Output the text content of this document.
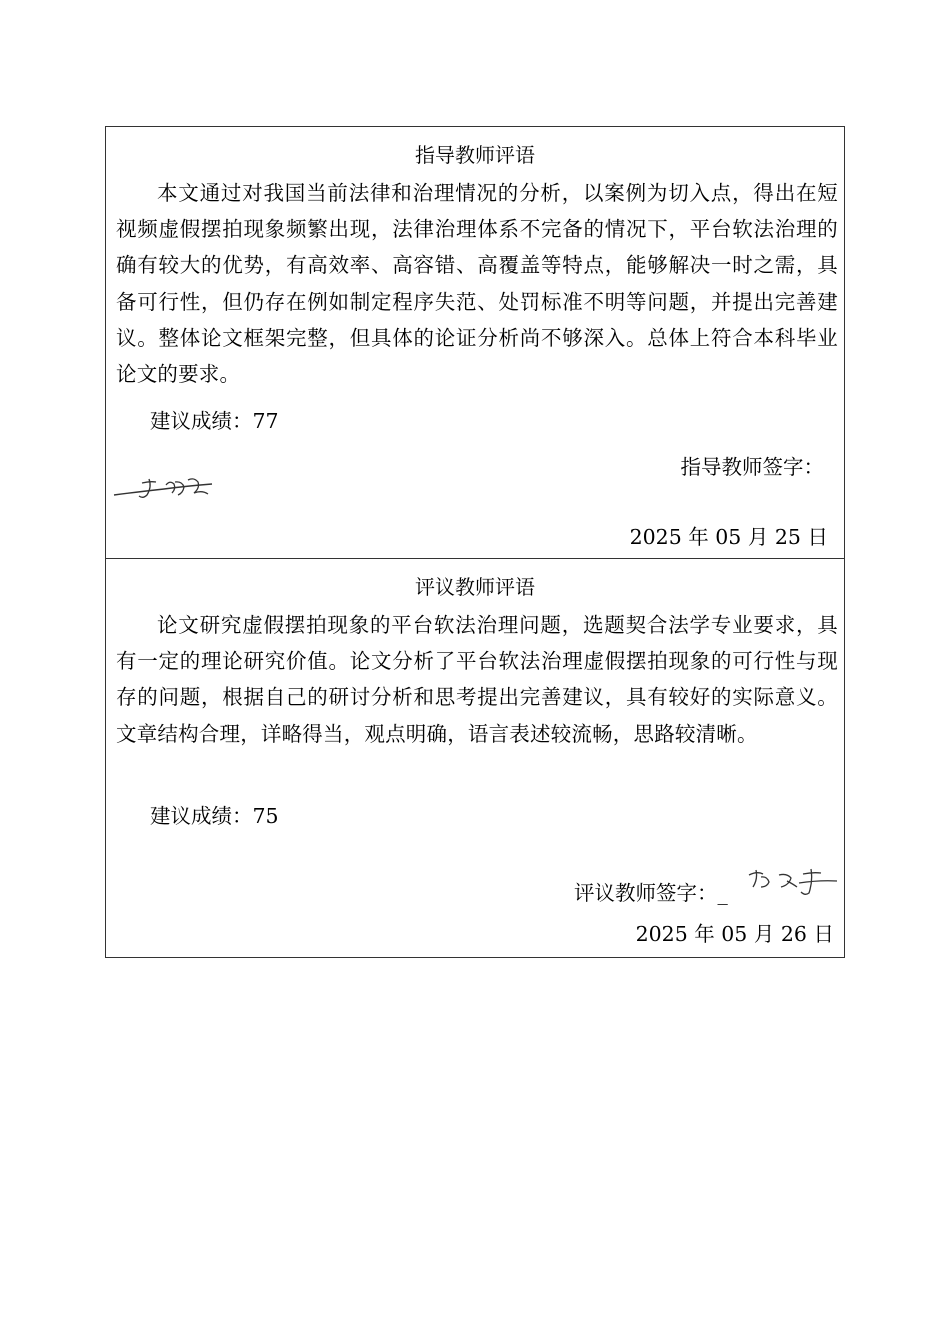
指导教师评语

本文通过对我国当前法律和治理情况的分析，以案例为切入点，得出在短视频虚假摆拍现象频繁出现，法律治理体系不完备的情况下，平台软法治理的确有较大的优势，有高效率、高容错、高覆盖等特点，能够解决一时之需，具备可行性，但仍存在例如制定程序失范、处罚标准不明等问题，并提出完善建议。整体论文框架完整，但具体的论证分析尚不够深入。总体上符合本科毕业论文的要求。

建议成绩：77
指导教师签字：
2025 年 05 月 25 日
评议教师评语

论文研究虚假摆拍现象的平台软法治理问题，选题契合法学专业要求，具有一定的理论研究价值。论文分析了平台软法治理虚假摆拍现象的可行性与现存的问题，根据自己的研讨分析和思考提出完善建议，具有较好的实际意义。文章结构合理，详略得当，观点明确，语言表述较流畅，思路较清晰。

建议成绩：75
评议教师签字：_
2025 年 05 月 26 日
